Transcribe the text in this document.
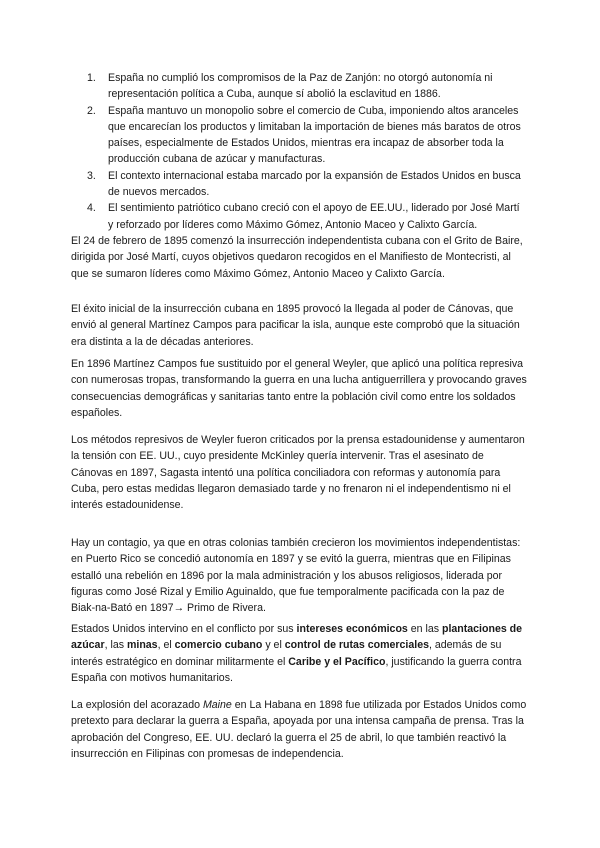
1. España no cumplió los compromisos de la Paz de Zanjón: no otorgó autonomía ni representación política a Cuba, aunque sí abolió la esclavitud en 1886.
2. España mantuvo un monopolio sobre el comercio de Cuba, imponiendo altos aranceles que encarecían los productos y limitaban la importación de bienes más baratos de otros países, especialmente de Estados Unidos, mientras era incapaz de absorber toda la producción cubana de azúcar y manufacturas.
3. El contexto internacional estaba marcado por la expansión de Estados Unidos en busca de nuevos mercados.
4. El sentimiento patriótico cubano creció con el apoyo de EE.UU., liderado por José Martí y reforzado por líderes como Máximo Gómez, Antonio Maceo y Calixto García.

El 24 de febrero de 1895 comenzó la insurrección independentista cubana con el Grito de Baire, dirigida por José Martí, cuyos objetivos quedaron recogidos en el Manifiesto de Montecristi, al que se sumaron líderes como Máximo Gómez, Antonio Maceo y Calixto García.

El éxito inicial de la insurrección cubana en 1895 provocó la llegada al poder de Cánovas, que envió al general Martínez Campos para pacificar la isla, aunque este comprobó que la situación era distinta a la de décadas anteriores.

En 1896 Martínez Campos fue sustituido por el general Weyler, que aplicó una política represiva con numerosas tropas, transformando la guerra en una lucha antiguerrillera y provocando graves consecuencias demográficas y sanitarias tanto entre la población civil como entre los soldados españoles.

Los métodos represivos de Weyler fueron criticados por la prensa estadounidense y aumentaron la tensión con EE. UU., cuyo presidente McKinley quería intervenir. Tras el asesinato de Cánovas en 1897, Sagasta intentó una política conciliadora con reformas y autonomía para Cuba, pero estas medidas llegaron demasiado tarde y no frenaron ni el independentismo ni el interés estadounidense.

Hay un contagio, ya que en otras colonias también crecieron los movimientos independentistas: en Puerto Rico se concedió autonomía en 1897 y se evitó la guerra, mientras que en Filipinas estalló una rebelión en 1896 por la mala administración y los abusos religiosos, liderada por figuras como José Rizal y Emilio Aguinaldo, que fue temporalmente pacificada con la paz de Biak-na-Bató en 1897→ Primo de Rivera.

Estados Unidos intervino en el conflicto por sus intereses económicos en las plantaciones de azúcar, las minas, el comercio cubano y el control de rutas comerciales, además de su interés estratégico en dominar militarmente el Caribe y el Pacífico, justificando la guerra contra España con motivos humanitarios.

La explosión del acorazado Maine en La Habana en 1898 fue utilizada por Estados Unidos como pretexto para declarar la guerra a España, apoyada por una intensa campaña de prensa. Tras la aprobación del Congreso, EE. UU. declaró la guerra el 25 de abril, lo que también reactivó la insurrección en Filipinas con promesas de independencia.
